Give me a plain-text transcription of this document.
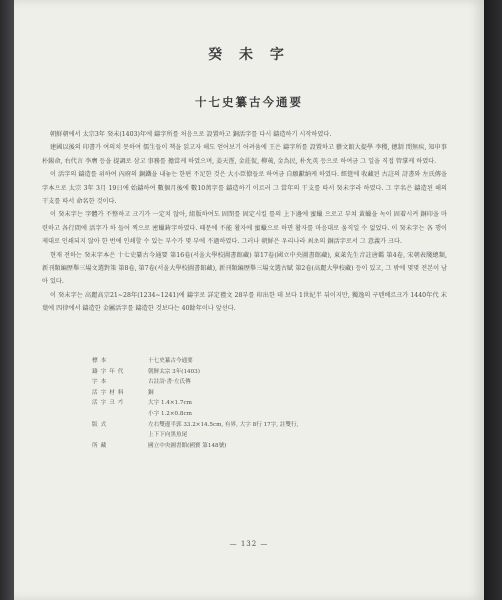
癸 未 字
十七史纂古今通要

朝鮮朝에서 太宗3年 癸未(1403)年에 鑄字所를 처음으로 設置하고 銅活字를 다시 鑄造하기 시작하였다.

建國以後의 印書가 여의치 못하여 儒生들이 책을 읽고자 해도 얻어보기 어려움에 王은 鑄字所를 設置하고 藝文館大提學 李稷, 摠制 閔無疾, 知申事 朴錫命, 右代言 李膺 등을 提調로 삼고 事務를 擔當케 하였으며, 姜天霔, 金莊侃, 柳荑, 金為民, 朴允英 등으로 하여금 그 일을 직접 管掌케 하였다.

이 活字의 鑄造를 위하여 內府의 銅鐵을 내놓는 한편 不足한 것은 大小臣僚들로 하여금 自願獻納케 하였다. 經筵에 收藏된 古註의 詩書와 左氏傳을 字本으로 太宗 3年 3月 19日에 始鑄하여 數個月後에 數10萬字를 鑄造하기 이르러 그 當年의 干支를 따서 癸未字라 하였다. 그 字名은 鑄造된 해의 干支를 따서 命名한 것이다.

이 癸未字는 字體가 不整하고 크기가 一定치 않아, 組版하여도 固閉를 固定시킬 틀의 上下邊에 蜜蠟 으로고 부쳐 黃蠟을 녹이 固着시켜 銅印을 마련하고 各行間에 活字가 하 들어 찍으로 密蠟鋳字하였다. 때문에 不能 활자에 蜜蠟으로 하면 활자를 마음대로 움직일 수 없었다. 이 癸未字는 各 행이 제대로 인쇄되지 않아 한 번에 인쇄할 수 있는 부수가 몇 부에 不過하였다. 그러나 朝鮮은 우리나라 최초의 銅活字로서 그 意義가 크다.

현재 전하는 癸未字本은 十七史纂古今通要 第16卷(서울大學校圖書館藏) 第17卷(國立中央圖書館藏), 東萊先生音註唐鑑 第4卷, 宋朝表牋總類, 新刊類編歷舉三場文選對策 第8卷, 第7卷(서울大學校圖書館藏), 新刊類編歷舉三場文選古賦 第2卷(高麗大學校藏) 등이 있고, 그 밖에 몇몇 전본이 남아 있다.

이 癸未字는 高麗高宗21~28年(1234~1241)에 鑄字로 詳定禮文 28부를 印出한 데 보다 1世紀半 뒤이지만, 獨逸의 구텐베르크가 1440年代 末葉에 四律에서 鑄造한 金屬活字를 鑄造한 것보다는 40餘年이나 앞선다.

標本	十七史纂古今通要
鑄字年代	朝鮮太宗 3年(1403)
字本	古註詩·書·左氏傳
活字材料	銅
活字크기	大字 1.4×1.7cm
小字 1.2×0.8cm
版式	左右雙邊半郭 33.2×14.5cm, 有界, 大字 8行 17字, 註雙行,
上下下向黑魚尾
所藏	國立中央圖書館(國寶 第148號)
— 132 —
